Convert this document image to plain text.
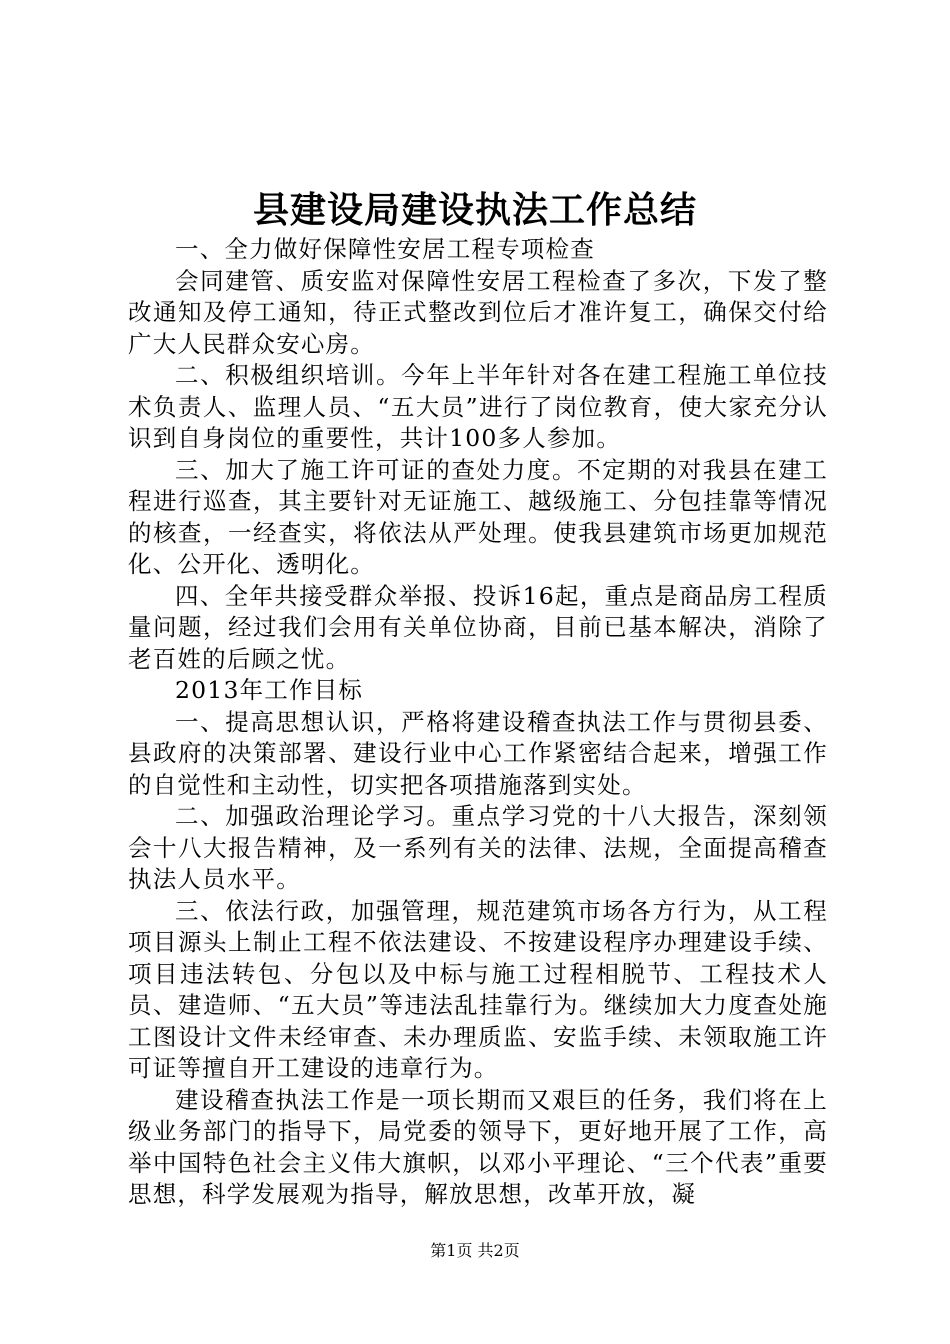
县建设局建设执法工作总结

一、全力做好保障性安居工程专项检查

会同建管、质安监对保障性安居工程检查了多次，下发了整改通知及停工通知，待正式整改到位后才准许复工，确保交付给广大人民群众安心房。

二、积极组织培训。今年上半年针对各在建工程施工单位技术负责人、监理人员、“五大员”进行了岗位教育，使大家充分认识到自身岗位的重要性，共计100多人参加。

三、加大了施工许可证的查处力度。不定期的对我县在建工程进行巡查，其主要针对无证施工、越级施工、分包挂靠等情况的核查，一经查实，将依法从严处理。使我县建筑市场更加规范化、公开化、透明化。

四、全年共接受群众举报、投诉16起，重点是商品房工程质量问题，经过我们会用有关单位协商，目前已基本解决，消除了老百姓的后顾之忧。

2013年工作目标

一、提高思想认识，严格将建设稽查执法工作与贯彻县委、县政府的决策部署、建设行业中心工作紧密结合起来，增强工作的自觉性和主动性，切实把各项措施落到实处。

二、加强政治理论学习。重点学习党的十八大报告，深刻领会十八大报告精神，及一系列有关的法律、法规，全面提高稽查执法人员水平。

三、依法行政，加强管理，规范建筑市场各方行为，从工程项目源头上制止工程不依法建设、不按建设程序办理建设手续、项目违法转包、分包以及中标与施工过程相脱节、工程技术人员、建造师、“五大员”等违法乱挂靠行为。继续加大力度查处施工图设计文件未经审查、未办理质监、安监手续、未领取施工许可证等擅自开工建设的违章行为。

建设稽查执法工作是一项长期而又艰巨的任务，我们将在上级业务部门的指导下，局党委的领导下，更好地开展了工作，高举中国特色社会主义伟大旗帜，以邓小平理论、“三个代表”重要思想，科学发展观为指导，解放思想，改革开放，凝

第1页 共2页
